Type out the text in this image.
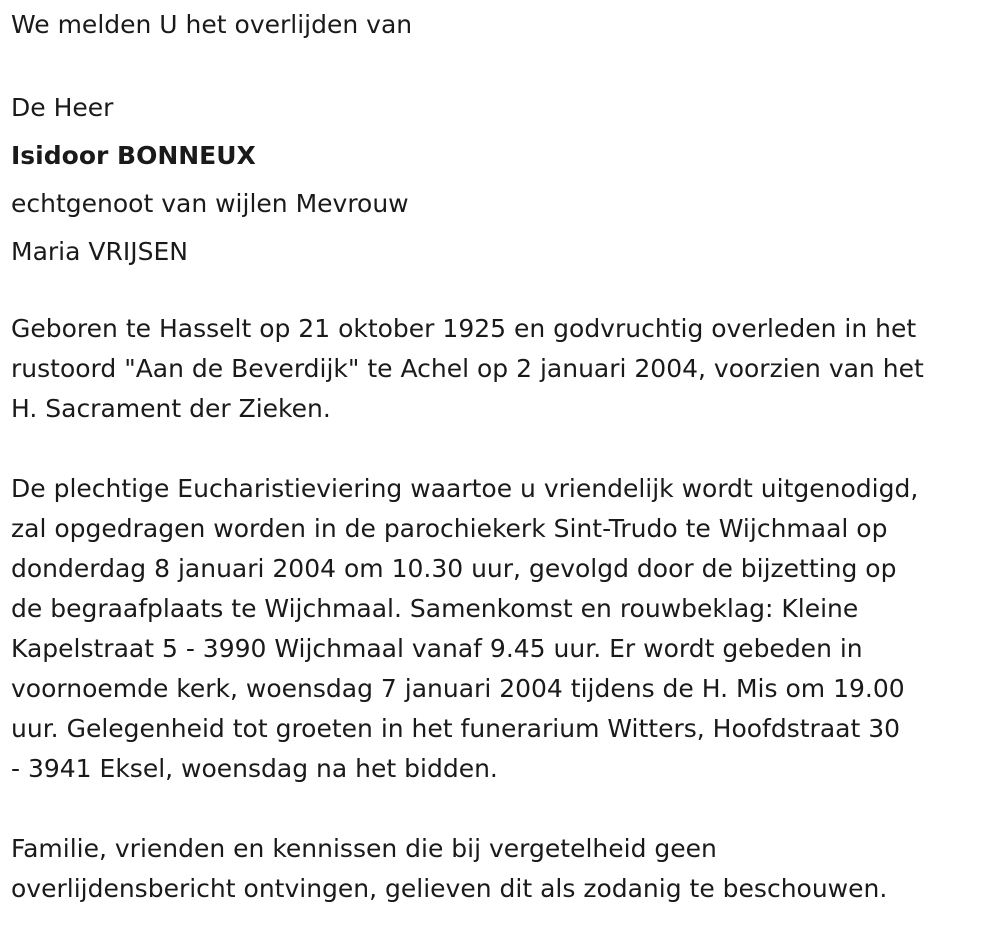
We melden U het overlijden van

De Heer

Isidoor BONNEUX

echtgenoot van wijlen Mevrouw

Maria VRIJSEN

Geboren te Hasselt op 21 oktober 1925 en godvruchtig overleden in het

rustoord "Aan de Beverdijk" te Achel op 2 januari 2004, voorzien van het

H. Sacrament der Zieken.

De plechtige Eucharistieviering waartoe u vriendelijk wordt uitgenodigd,

zal opgedragen worden in de parochiekerk Sint-Trudo te Wijchmaal op

donderdag 8 januari 2004 om 10.30 uur, gevolgd door de bijzetting op

de begraafplaats te Wijchmaal. Samenkomst en rouwbeklag: Kleine

Kapelstraat 5 - 3990 Wijchmaal vanaf 9.45 uur. Er wordt gebeden in

voornoemde kerk, woensdag 7 januari 2004 tijdens de H. Mis om 19.00

uur. Gelegenheid tot groeten in het funerarium Witters, Hoofdstraat 30

- 3941 Eksel, woensdag na het bidden.

Familie, vrienden en kennissen die bij vergetelheid geen

overlijdensbericht ontvingen, gelieven dit als zodanig te beschouwen.
